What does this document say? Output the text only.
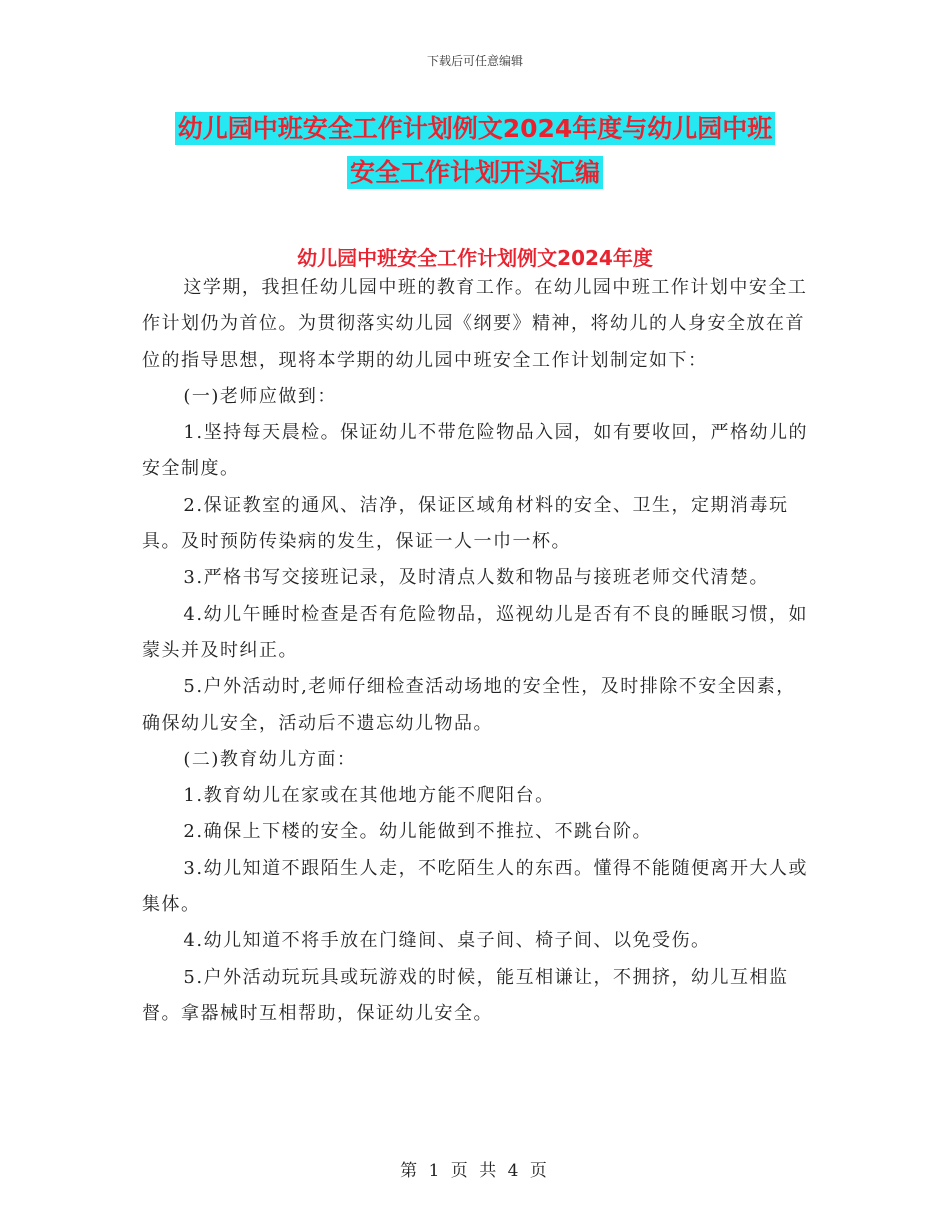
下载后可任意编辑
幼儿园中班安全工作计划例文2024年度与幼儿园中班
安全工作计划开头汇编
幼儿园中班安全工作计划例文2024年度

这学期，我担任幼儿园中班的教育工作。在幼儿园中班工作计划中安全工作计划仍为首位。为贯彻落实幼儿园《纲要》精神，将幼儿的人身安全放在首位的指导思想，现将本学期的幼儿园中班安全工作计划制定如下：

(一)老师应做到：

1.坚持每天晨检。保证幼儿不带危险物品入园，如有要收回，严格幼儿的安全制度。

2.保证教室的通风、洁净，保证区域角材料的安全、卫生，定期消毒玩具。及时预防传染病的发生，保证一人一巾一杯。

3.严格书写交接班记录，及时清点人数和物品与接班老师交代清楚。

4.幼儿午睡时检查是否有危险物品，巡视幼儿是否有不良的睡眠习惯，如蒙头并及时纠正。

5.户外活动时,老师仔细检查活动场地的安全性，及时排除不安全因素，确保幼儿安全，活动后不遗忘幼儿物品。

(二)教育幼儿方面：

1.教育幼儿在家或在其他地方能不爬阳台。

2.确保上下楼的安全。幼儿能做到不推拉、不跳台阶。

3.幼儿知道不跟陌生人走，不吃陌生人的东西。懂得不能随便离开大人或集体。

4.幼儿知道不将手放在门缝间、桌子间、椅子间、以免受伤。

5.户外活动玩玩具或玩游戏的时候，能互相谦让，不拥挤，幼儿互相监督。拿器械时互相帮助，保证幼儿安全。

第 1 页 共 4 页
